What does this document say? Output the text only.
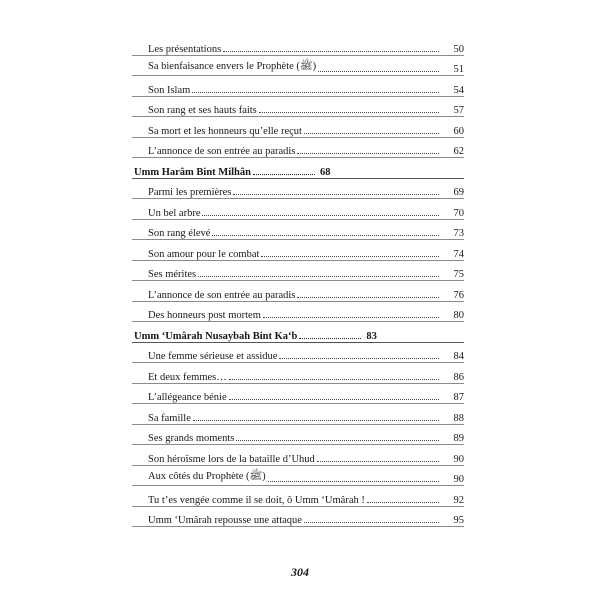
Les présentations	50
Sa bienfaisance envers le Prophète (ﷺ)	51
Son Islam	54
Son rang et ses hauts faits	57
Sa mort et les honneurs qu’elle reçut	60
L’annonce de son entrée au paradis	62
Umm Harâm Bint Milhân	68
Parmi les premières	69
Un bel arbre	70
Son rang élevé	73
Son amour pour le combat	74
Ses mérites	75
L’annonce de son entrée au paradis	76
Des honneurs post mortem	80
Umm ‘Umârah Nusaybah Bint Ka‘b	83
Une femme sérieuse et assidue	84
Et deux femmes…	86
L’allégeance bénie	87
Sa famille	88
Ses grands moments	89
Son héroïsme lors de la bataille d’Uhud	90
Aux côtés du Prophète (ﷺ)	90
Tu t’es vengée comme il se doit, ô Umm ‘Umârah !	92
Umm ‘Umârah repousse une attaque	95
304
